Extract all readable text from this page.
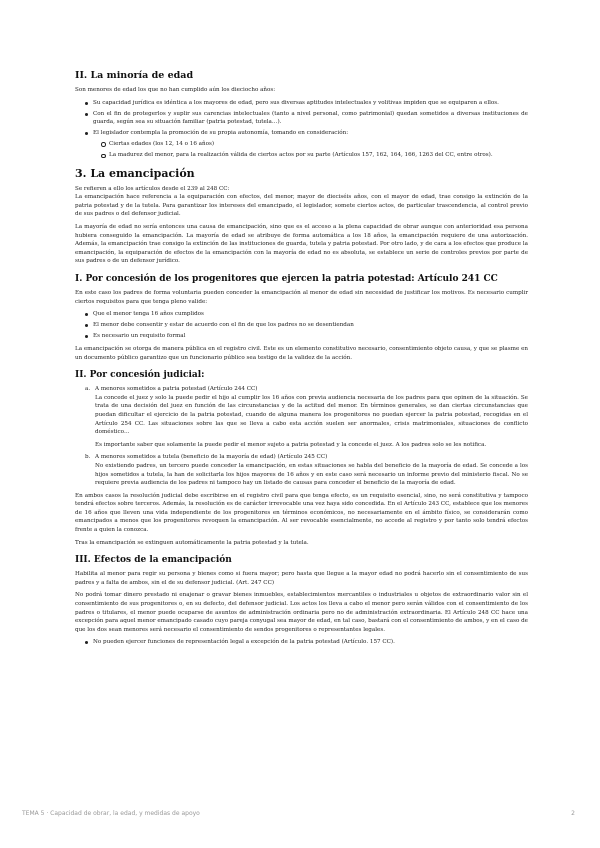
II. La minoría de edad

Son menores de edad los que no han cumplido aún los dieciocho años:

Su capacidad jurídica es idéntica a los mayores de edad, pero sus diversas aptitudes intelectuales y volitivas impiden que se equiparen a ellos.
Con el fin de protegerlos y suplir sus carencias intelectuales (tanto a nivel personal, como patrimonial) quedan sometidos a diversas instituciones de guarda, según sea su situación familiar (patria potestad, tutela…).
El legislador contempla la promoción de su propia autonomía, tomando en consideración:
Ciertas edades (los 12, 14 o 16 años)
La madurez del menor, para la realización válida de ciertos actos por su parte (Artículos 157, 162, 164, 166, 1263 del CC, entre otros).
3. La emancipación

Se refieren a ello los artículos desde el 239 al 248 CC:

La emancipación hace referencia a la equiparación con efectos, del menor, mayor de dieciséis años, con el mayor de edad, trae consigo la extinción de la patria potestad y de la tutela. Para garantizar los intereses del emancipado, el legislador, somete ciertos actos, de particular trascendencia, al control previo de sus padres o del defensor judicial.

La mayoría de edad no sería entonces una causa de emancipación, sino que es el acceso a la plena capacidad de obrar aunque con anterioridad esa persona hubiera conseguido la emancipación. La mayoría de edad se atribuye de forma automática a los 18 años, la emancipación requiere de una autorización. Además, la emancipación trae consigo la extinción de las instituciones de guarda, tutela y patria potestad. Por otro lado, y de cara a los efectos que produce la emancipación, la equiparación de efectos de la emancipación con la mayoría de edad no es absoluta, se establece un serie de controles previos por parte de sus padres o de un defensor jurídico.

I. Por concesión de los progenitores que ejercen la patria potestad: Artículo 241 CC

En este caso los padres de forma voluntaria pueden conceder la emancipación al menor de edad sin necesidad de justificar los motivos. Es necesario cumplir ciertos requisitos para que tenga pleno valide:

Que el menor tenga 16 años cumplidos
El menor debe consentir y estar de acuerdo con el fin de que los padres no se desentiendan
Es necesario un requisito formal

La emancipación se otorga de manera pública en el registro civil. Este es un elemento constitutivo necesario, consentimiento objeto causa, y que se plasme en un documento público garantizo que un funcionario público sea testigo de la validez de la acción.

II. Por concesión judicial:
a. A menores sometidos a patria potestad (Artículo 244 CC)

La concede el juez y solo la puede pedir el hijo al cumplir los 16 años con previa audiencia necesaria de los padres para que opinen de la situación. Se trata de una decisión del juez en función de las circunstancias y de la actitud del menor. En términos generales, se dan ciertas circunstancias que puedan dificultar el ejercicio de la patria potestad, cuando de alguna manera los progenitores no puedan ejercer la patria potestad, recogidas en el Artículo 254 CC. Las situaciones sobre las que se lleva a cabo esta acción suelen ser anormales, crisis matrimoniales, situaciones de conflicto doméstico…

Es importante saber que solamente la puede pedir el menor sujeto a patria potestad y la concede el juez. A los padres solo se les notifica.

b. A menores sometidos a tutela (beneficio de la mayoría de edad) (Artículo 245 CC)

No existiendo padres, un tercero puede conceder la emancipación, en estas situaciones se habla del beneficio de la mayoría de edad. Se concede a los hijos sometidos a tutela, la han de solicitarla los hijos mayores de 16 años y en este caso será necesario un informe previo del ministerio fiscal. No se requiere previa audiencia de los padres ni tampoco hay un listado de causas para conceder el beneficio de la mayoría de edad.

En ambos casos la resolución judicial debe escribirse en el registro civil para que tenga efecto, es un requisito esencial, sino, no será constitutiva y tampoco tendrá efectos sobre terceros. Además, la resolución es de carácter irrevocable una vez haya sido concedida. En el Artículo 243 CC, establece que los menores de 16 años que lleven una vida independiente de los progenitores en términos económicos, no necesariamente en el ámbito físico, se considerarán como emancipados a menos que los progenitores revoquen la emancipación. Al ser revocable esencialmente, no accede al registro y por tanto solo tendrá efectos frente a quien la conozca.

Tras la emancipación se extinguen automáticamente la patria potestad y la tutela.

III. Efectos de la emancipación

Habilita al menor para regir su persona y bienes como si fuera mayor; pero hasta que llegue a la mayor edad no podrá hacerlo sin el consentimiento de sus padres y a falta de ambos, sin el de su defensor judicial. (Art. 247 CC)

No podrá tomar dinero prestado ni enajenar o gravar bienes inmuebles, establecimientos mercantiles o industriales u objetos de extraordinario valor sin el consentimiento de sus progenitores o, en su defecto, del defensor judicial. Los actos los lleva a cabo el menor pero serán válidos con el consentimiento de los padres o titulares, el menor puede ocuparse de asuntos de administración ordinaria pero no de administración extraordinaria. El Artículo 248 CC hace una excepción para aquel menor emancipado casado cuyo pareja conyugal sea mayor de edad, en tal caso, bastará con el consentimiento de ambos, y en el caso de que los dos sean menores será necesario el consentimiento de sendos progenitores o representantes legales.

No pueden ejercer funciones de representación legal a excepción de la patria potestad (Artículo. 157 CC).
TEMA 5 · Capacidad de obrar, la edad, y medidas de apoyo	2
